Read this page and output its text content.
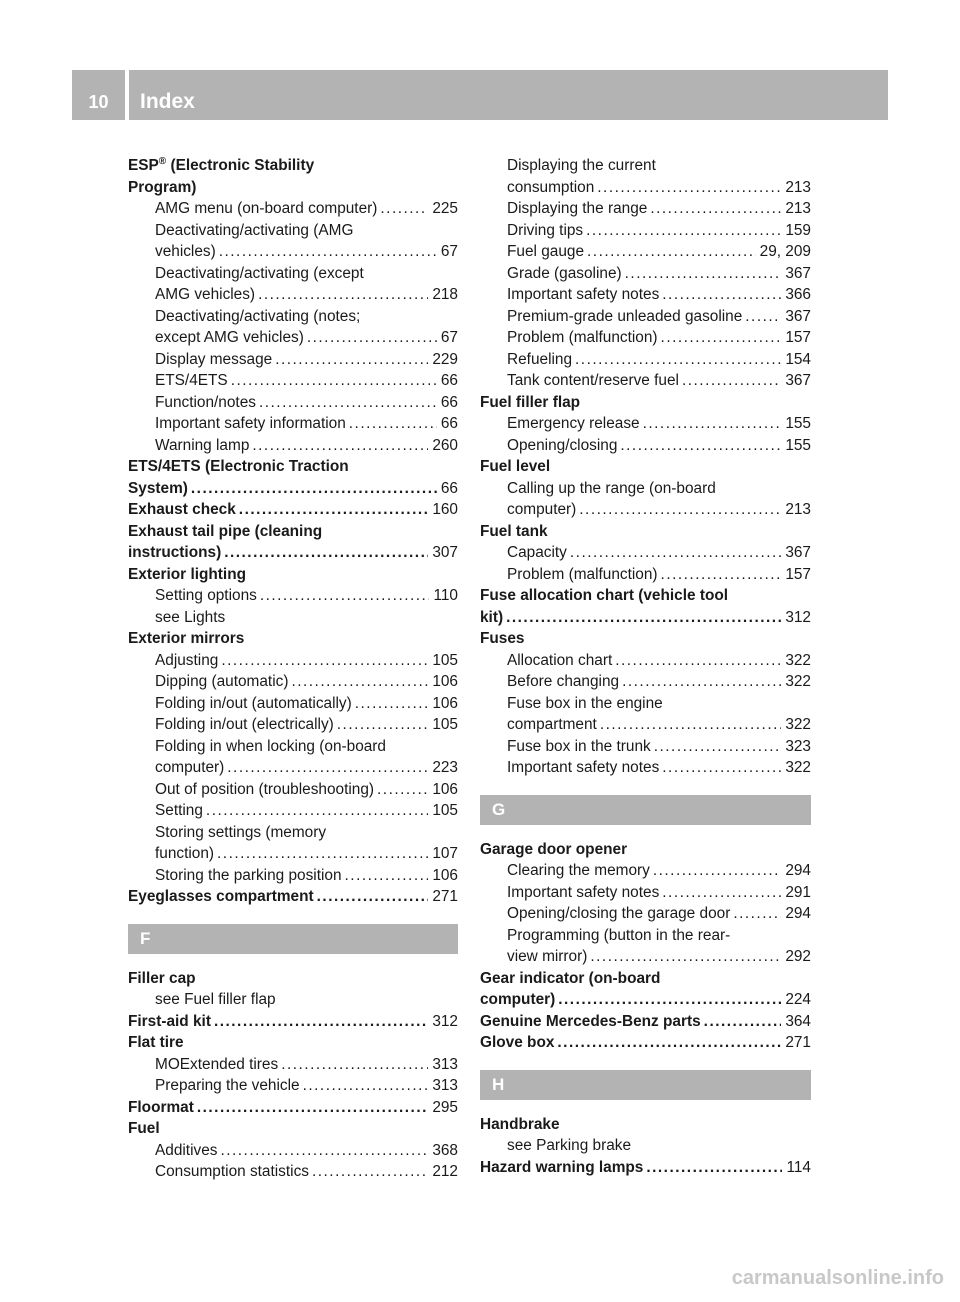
10	Index
ESP® (Electronic Stability
Program)
AMG menu (on-board computer) .....	225
Deactivating/activating (AMG
vehicles) .....	67
Deactivating/activating (except
AMG vehicles) .....	218
Deactivating/activating (notes;
except AMG vehicles) .....	67
Display message .....	229
ETS/4ETS .....	66
Function/notes .....	66
Important safety information .....	66
Warning lamp .....	260
ETS/4ETS (Electronic Traction
System) .....	66
Exhaust check .....	160
Exhaust tail pipe (cleaning
instructions) .....	307
Exterior lighting
Setting options .....	110
see Lights
Exterior mirrors
Adjusting .....	105
Dipping (automatic) .....	106
Folding in/out (automatically) .....	106
Folding in/out (electrically) .....	105
Folding in when locking (on-board
computer) .....	223
Out of position (troubleshooting) .....	106
Setting .....	105
Storing settings (memory
function) .....	107
Storing the parking position .....	106
Eyeglasses compartment .....	271
F
Filler cap
see Fuel filler flap
First-aid kit .....	312
Flat tire
MOExtended tires .....	313
Preparing the vehicle .....	313
Floormat .....	295
Fuel
Additives .....	368
Consumption statistics .....	212
Displaying the current
consumption .....	213
Displaying the range .....	213
Driving tips .....	159
Fuel gauge .....	29, 209
Grade (gasoline) .....	367
Important safety notes .....	366
Premium-grade unleaded gasoline .....	367
Problem (malfunction) .....	157
Refueling .....	154
Tank content/reserve fuel .....	367
Fuel filler flap
Emergency release .....	155
Opening/closing .....	155
Fuel level
Calling up the range (on-board
computer) .....	213
Fuel tank
Capacity .....	367
Problem (malfunction) .....	157
Fuse allocation chart (vehicle tool
kit) .....	312
Fuses
Allocation chart .....	322
Before changing .....	322
Fuse box in the engine
compartment .....	322
Fuse box in the trunk .....	323
Important safety notes .....	322
G
Garage door opener
Clearing the memory .....	294
Important safety notes .....	291
Opening/closing the garage door .....	294
Programming (button in the rear-
view mirror) .....	292
Gear indicator (on-board
computer) .....	224
Genuine Mercedes-Benz parts .....	364
Glove box .....	271
H
Handbrake
see Parking brake
Hazard warning lamps .....	114
carmanualsonline.info
